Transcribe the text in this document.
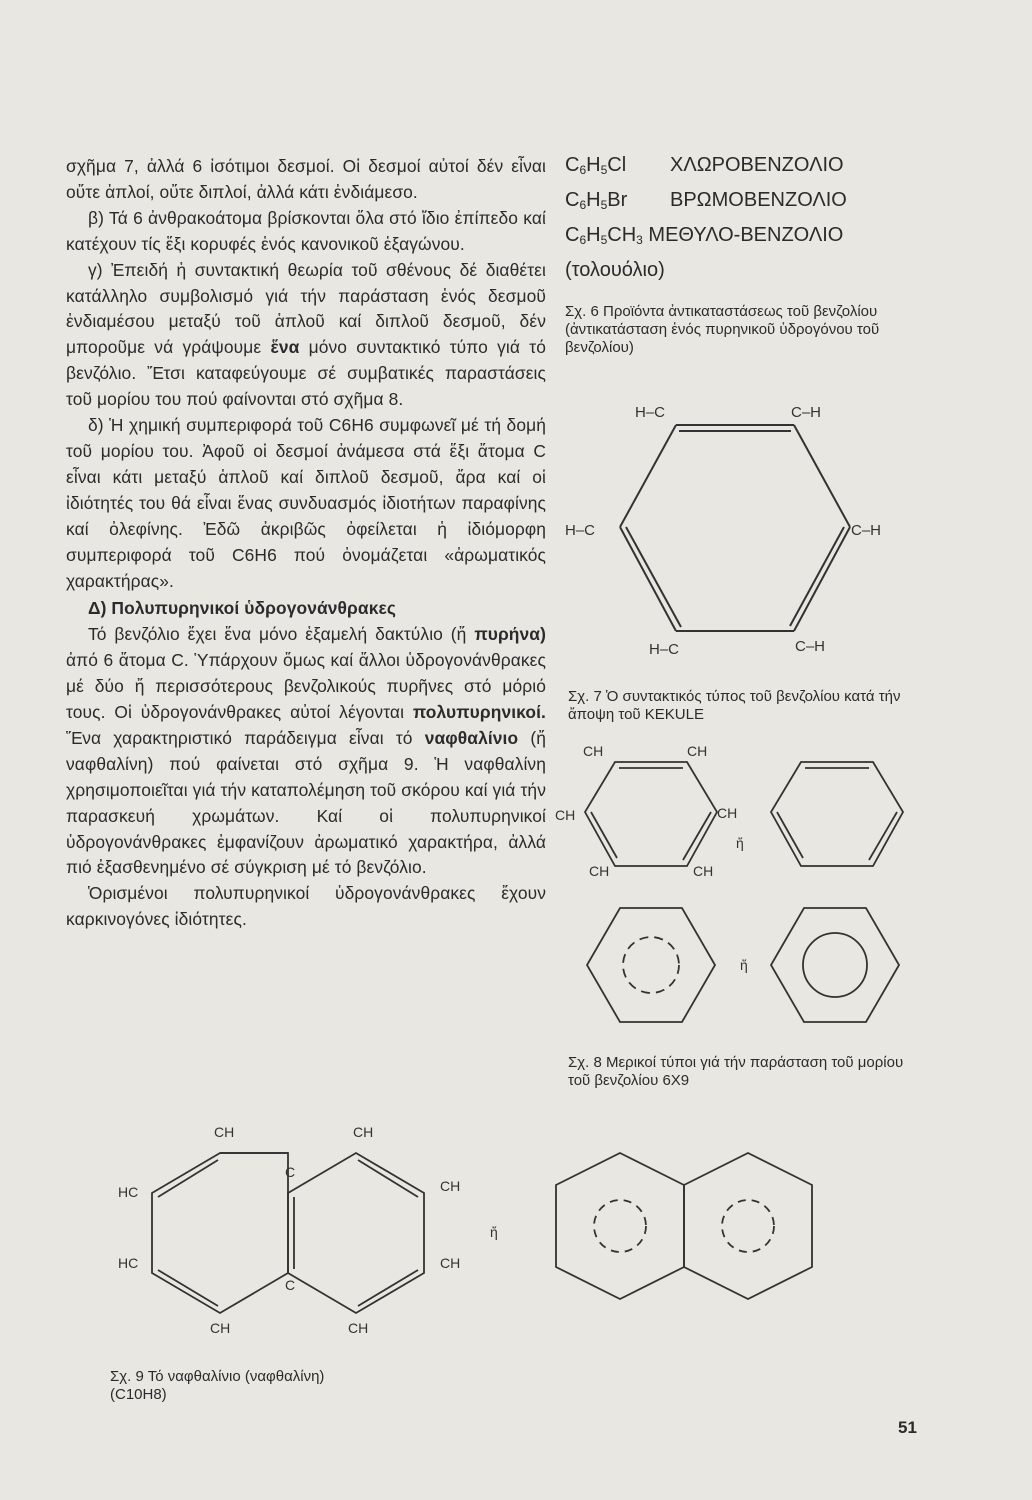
σχῆμα 7, ἀλλά 6 ἰσότιμοι δεσμοί. Οἱ δεσμοί αὐτοί δέν εἶναι οὔτε ἁπλοί, οὔτε διπλοί, ἀλλά κάτι ἐνδιάμεσο.

β) Τά 6 ἀνθρακοάτομα βρίσκονται ὅλα στό ἴδιο ἐπίπεδο καί κατέχουν τίς ἕξι κορυφές ἑνός κανονικοῦ ἑξαγώνου.

γ) Ἐπειδή ἡ συντακτική θεωρία τοῦ σθένους δέ διαθέτει κατάλληλο συμβολισμό γιά τήν παράσταση ἑνός δεσμοῦ ἐνδιαμέσου μεταξύ τοῦ ἁπλοῦ καί διπλοῦ δεσμοῦ, δέν μποροῦμε νά γράψουμε ἕνα μόνο συντακτικό τύπο γιά τό βενζόλιο. Ἔτσι καταφεύγουμε σέ συμβατικές παραστάσεις τοῦ μορίου του πού φαίνονται στό σχῆμα 8.

δ) Ἡ χημική συμπεριφορά τοῦ C6H6 συμφωνεῖ μέ τή δομή τοῦ μορίου του. Ἀφοῦ οἱ δεσμοί ἀνάμεσα στά ἕξι ἄτομα C εἶναι κάτι μεταξύ ἁπλοῦ καί διπλοῦ δεσμοῦ, ἄρα καί οἱ ἰδιότητές του θά εἶναι ἕνας συνδυασμός ἰδιοτήτων παραφίνης καί ὀλεφίνης. Ἐδῶ ἀκριβῶς ὀφείλεται ἡ ἰδιόμορφη συμπεριφορά τοῦ C6H6 πού ὀνομάζεται «ἀρωματικός χαρακτήρας».

Δ) Πολυπυρηνικοί ὑδρογονάνθρακες

Τό βενζόλιο ἔχει ἕνα μόνο ἑξαμελή δακτύλιο (ἤ πυρήνα) ἀπό 6 ἄτομα C. Ὑπάρχουν ὅμως καί ἄλλοι ὑδρογονάνθρακες μέ δύο ἤ περισσότερους βενζολικούς πυρῆνες στό μόριό τους. Οἱ ὑδρογονάνθρακες αὐτοί λέγονται πολυπυρηνικοί. Ἕνα χαρακτηριστικό παράδειγμα εἶναι τό ναφθαλίνιο (ἤ ναφθαλίνη) πού φαίνεται στό σχῆμα 9. Ἡ ναφθαλίνη χρησιμοποιεῖται γιά τήν καταπολέμηση τοῦ σκόρου καί γιά τήν παρασκευή χρωμάτων. Καί οἱ πολυπυρηνικοί ὑδρογονάνθρακες ἐμφανίζουν ἀρωματικό χαρακτήρα, ἀλλά πιό ἐξασθενημένο σέ σύγκριση μέ τό βενζόλιο.

Ὁρισμένοι πολυπυρηνικοί ὑδρογονάνθρακες ἔχουν καρκινογόνες ἰδιότητες.

$C_6H_5Cl$ ΧΛΩΡΟΒΕΝΖΟΛΙΟ
$C_6H_5Br$ ΒΡΩΜΟΒΕΝΖΟΛΙΟ
$C_6H_5CH_3$ ΜΕΘΥΛΟ-ΒΕΝΖΟΛΙΟ
(τολουόλιο)
Σχ. 6 Προϊόντα ἀντικαταστάσεως τοῦ βενζολίου (ἀντικατάσταση ἑνός πυρηνικοῦ ὑδρογόνου τοῦ βενζολίου)
H–C	C–H
H–C	C–H
H–C	C–H
Σχ. 7 Ὁ συντακτικός τύπος τοῦ βενζολίου κατά τήν ἄποψη τοῦ KEKULE
CH	CH
CH	CH
CH	CH
ἤ
ἤ
Σχ. 8 Μερικοί τύποι γιά τήν παράσταση τοῦ μορίου τοῦ βενζολίου 6Χ9
CH	CH
C
HC	CH
HC	CH
C
CH	CH
ἤ
Σχ. 9 Τό ναφθαλίνιο (ναφθαλίνη)
(C10H8)
51
